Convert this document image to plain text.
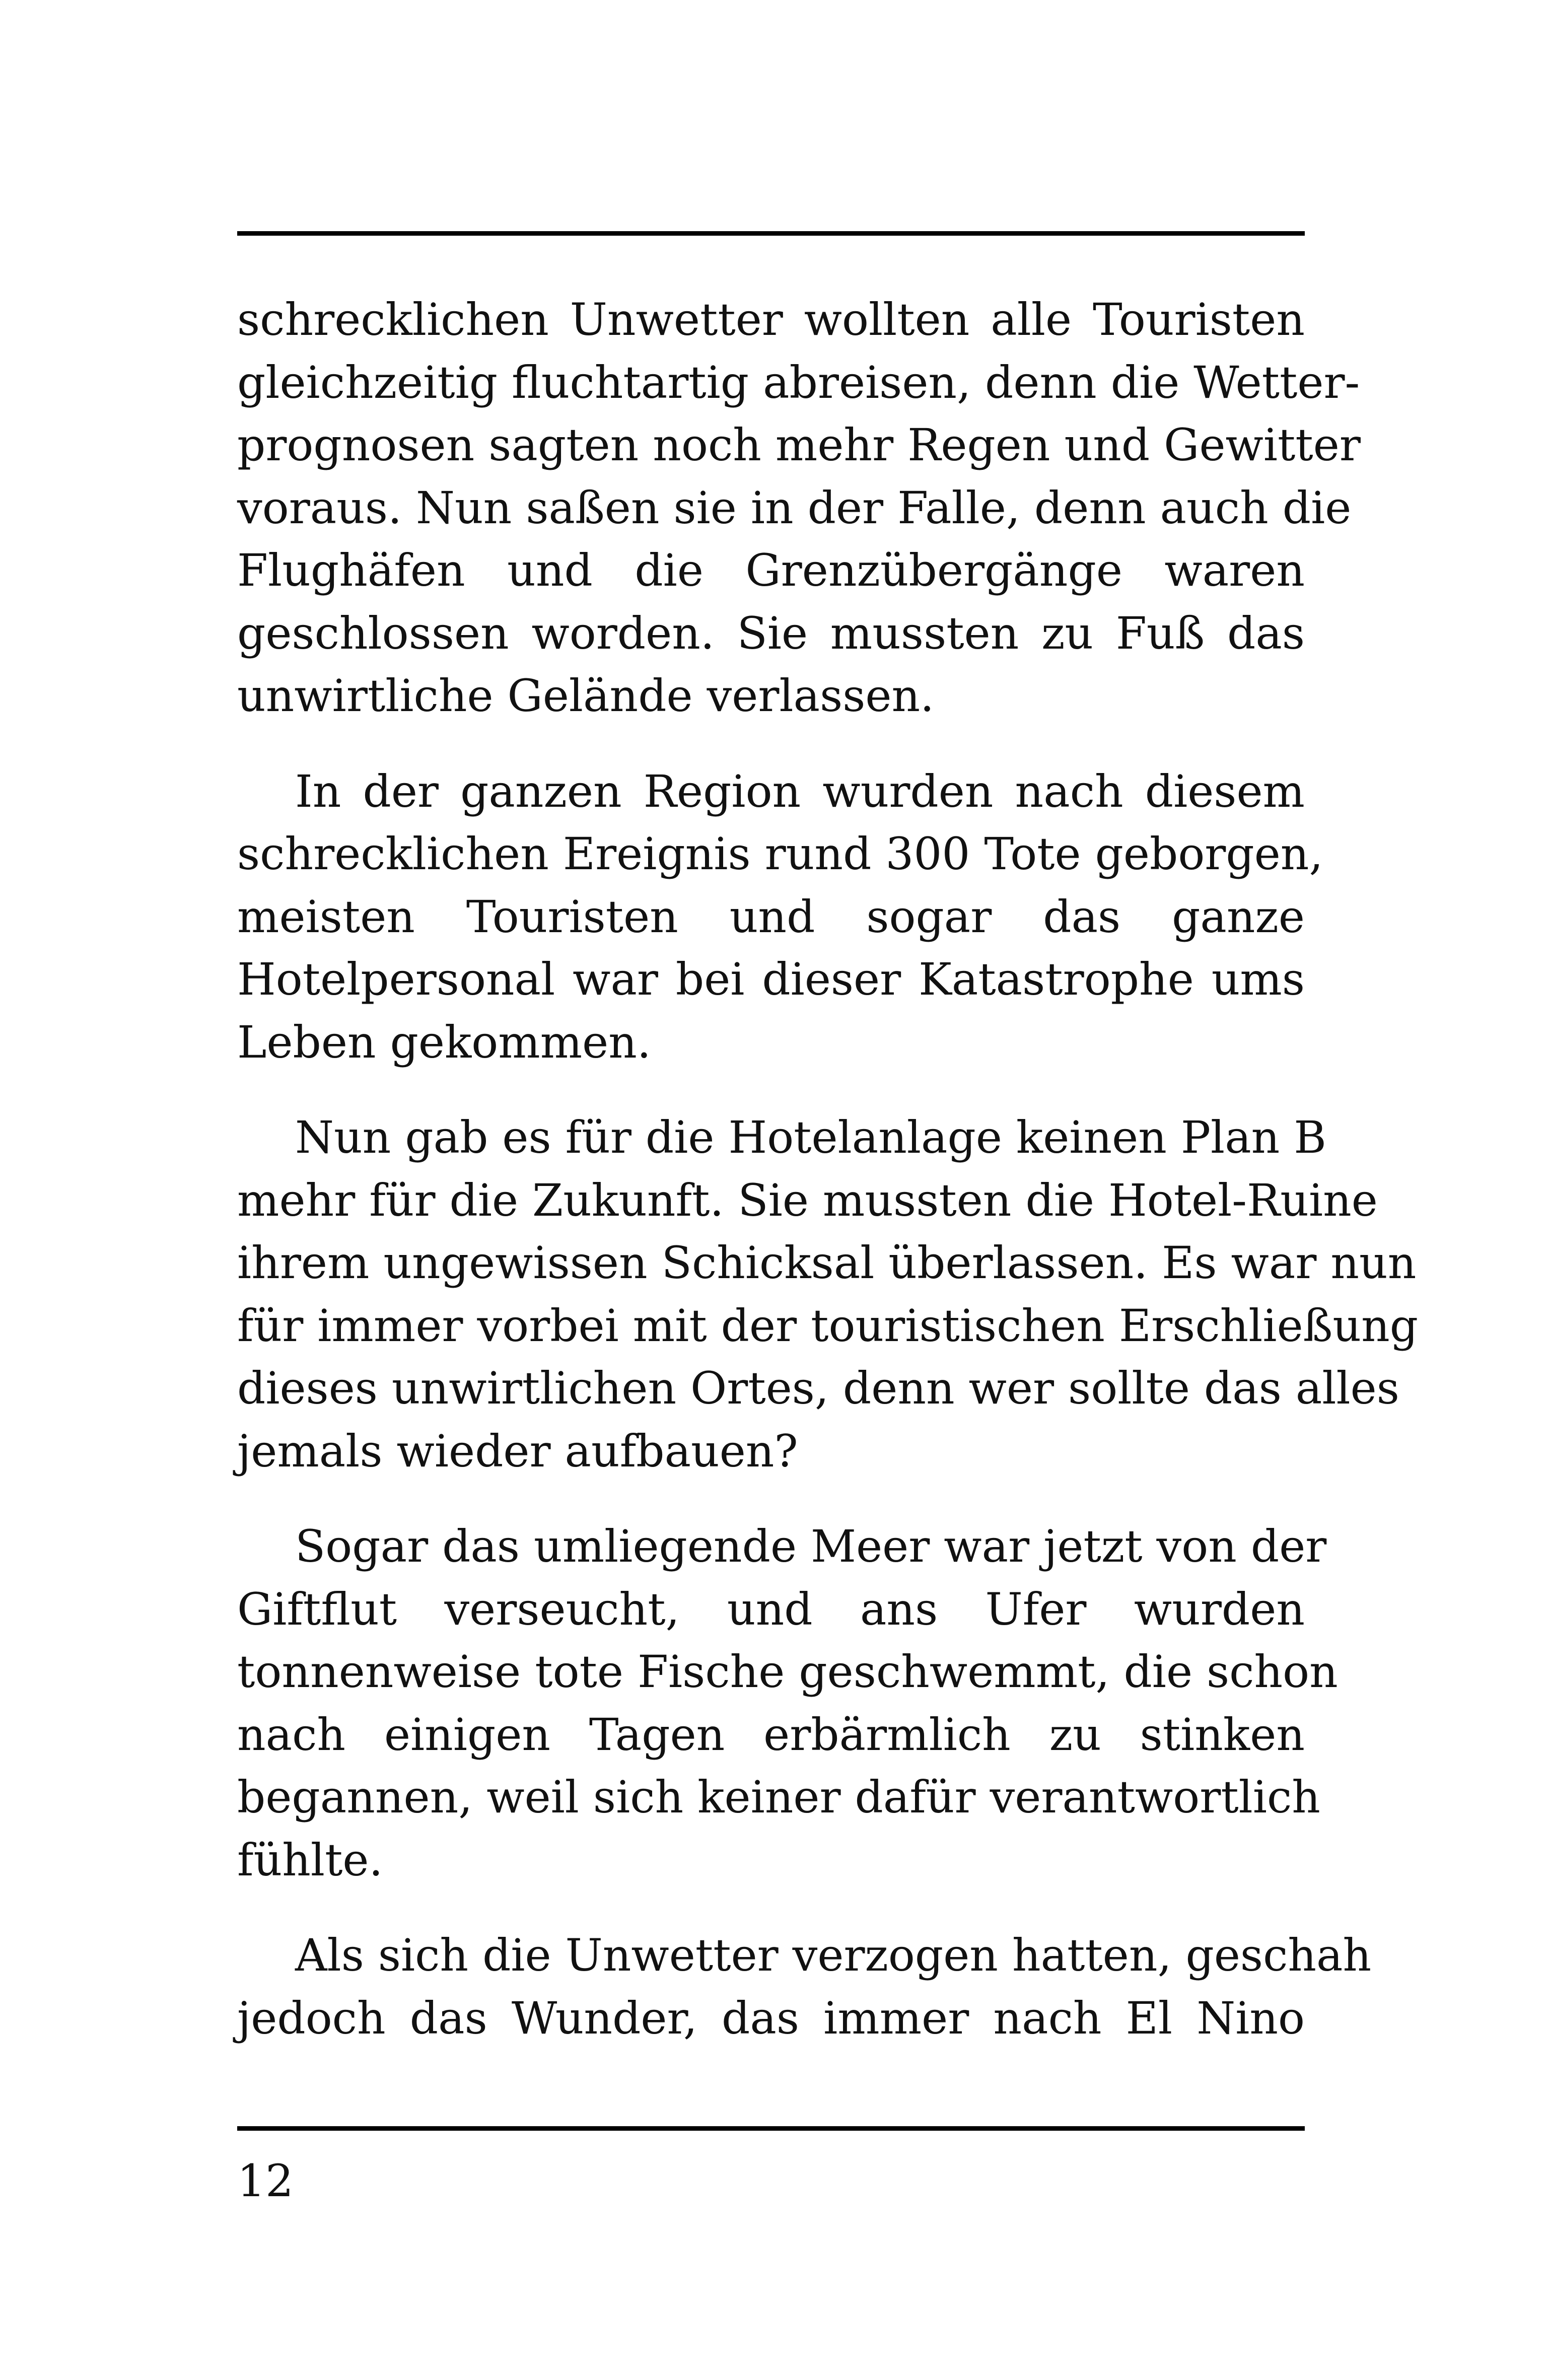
schrecklichen Unwetter wollten alle Touristen
gleichzeitig fluchtartig abreisen, denn die Wetter-
prognosen sagten noch mehr Regen und Gewitter
voraus. Nun saßen sie in der Falle, denn auch die
Flughäfen und die Grenzübergänge waren
geschlossen worden. Sie mussten zu Fuß das
unwirtliche Gelände verlassen.
In der ganzen Region wurden nach diesem
schrecklichen Ereignis rund 300 Tote geborgen,
meisten Touristen und sogar das ganze
Hotelpersonal war bei dieser Katastrophe ums
Leben gekommen.
Nun gab es für die Hotelanlage keinen Plan B
mehr für die Zukunft. Sie mussten die Hotel-Ruine
ihrem ungewissen Schicksal überlassen. Es war nun
für immer vorbei mit der touristischen Erschließung
dieses unwirtlichen Ortes, denn wer sollte das alles
jemals wieder aufbauen?
Sogar das umliegende Meer war jetzt von der
Giftflut verseucht, und ans Ufer wurden
tonnenweise tote Fische geschwemmt, die schon
nach einigen Tagen erbärmlich zu stinken
begannen, weil sich keiner dafür verantwortlich
fühlte.
Als sich die Unwetter verzogen hatten, geschah
jedoch das Wunder, das immer nach El Nino
12
